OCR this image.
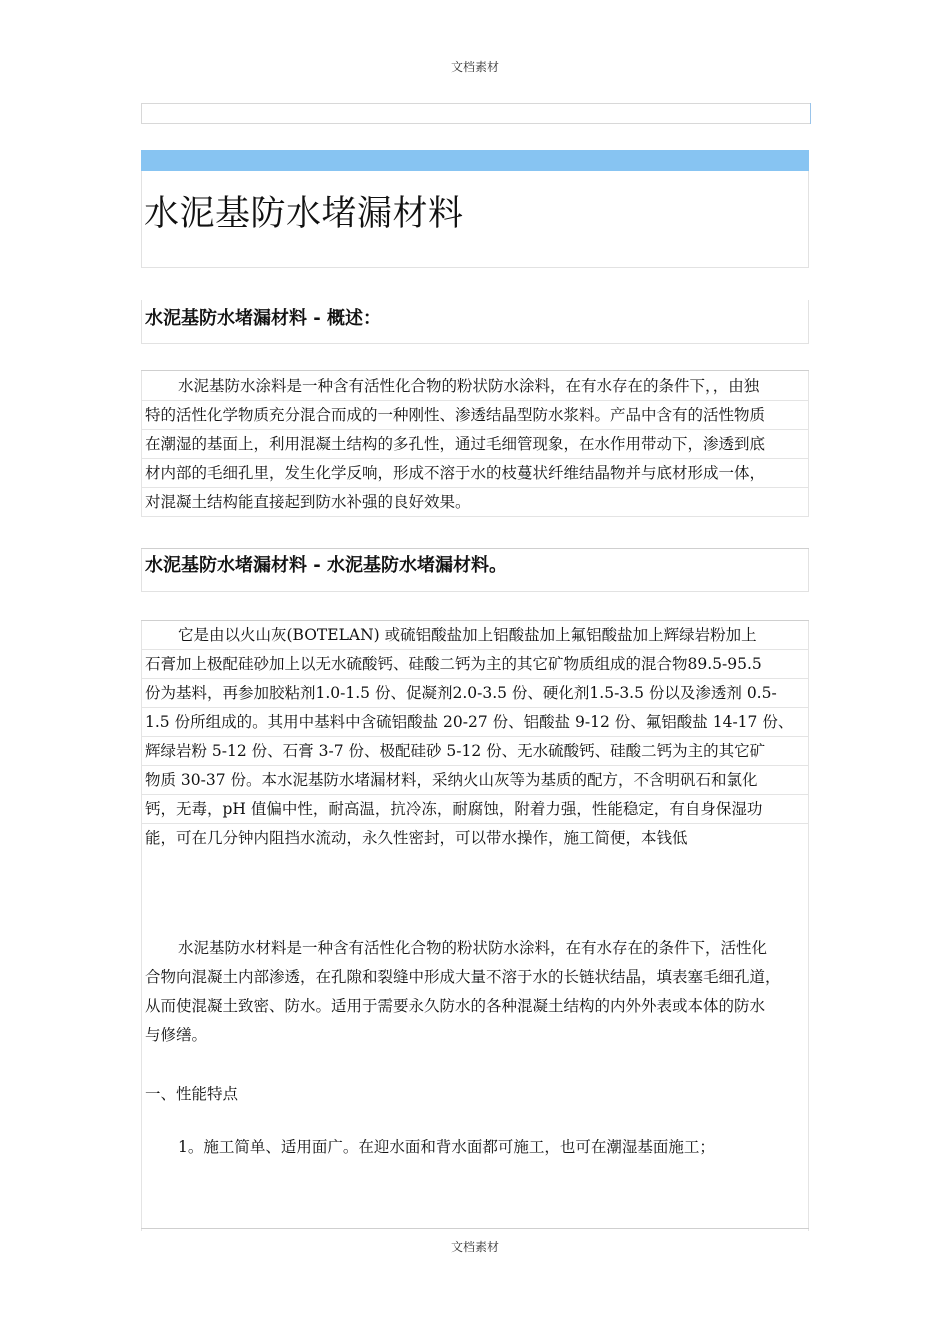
文档素材
水泥基防水堵漏材料
水泥基防水堵漏材料 - 概述：
水泥基防水涂料是一种含有活性化合物的粉状防水涂料，在有水存在的条件下，，由独
特的活性化学物质充分混合而成的一种刚性、渗透结晶型防水浆料。产品中含有的活性物质
在潮湿的基面上，利用混凝土结构的多孔性，通过毛细管现象，在水作用带动下，渗透到底
材内部的毛细孔里，发生化学反响，形成不溶于水的枝蔓状纤维结晶物并与底材形成一体，
对混凝土结构能直接起到防水补强的良好效果。
水泥基防水堵漏材料 - 水泥基防水堵漏材料。
它是由以火山灰(BOTELAN) 或硫铝酸盐加上铝酸盐加上氟铝酸盐加上辉绿岩粉加上
石膏加上极配硅砂加上以无水硫酸钙、硅酸二钙为主的其它矿物质组成的混合物89.5-95.5
份为基料，再参加胶粘剂1.0-1.5 份、促凝剂2.0-3.5 份、硬化剂1.5-3.5 份以及渗透剂 0.5-
1.5 份所组成的。其用中基料中含硫铝酸盐 20-27 份、铝酸盐 9-12 份、氟铝酸盐 14-17 份、
辉绿岩粉 5-12 份、石膏 3-7 份、极配硅砂 5-12 份、无水硫酸钙、硅酸二钙为主的其它矿
物质 30-37 份。本水泥基防水堵漏材料，采纳火山灰等为基质的配方，不含明矾石和氯化
钙，无毒，pH 值偏中性，耐高温，抗冷冻，耐腐蚀，附着力强，性能稳定，有自身保湿功
能，可在几分钟内阻挡水流动，永久性密封，可以带水操作，施工简便，本钱低
水泥基防水材料是一种含有活性化合物的粉状防水涂料，在有水存在的条件下，活性化
合物向混凝土内部渗透，在孔隙和裂缝中形成大量不溶于水的长链状结晶，填表塞毛细孔道，
从而使混凝土致密、防水。适用于需要永久防水的各种混凝土结构的内外外表或本体的防水
与修缮。
一、性能特点
1。施工简单、适用面广。在迎水面和背水面都可施工，也可在潮湿基面施工；
文档素材
